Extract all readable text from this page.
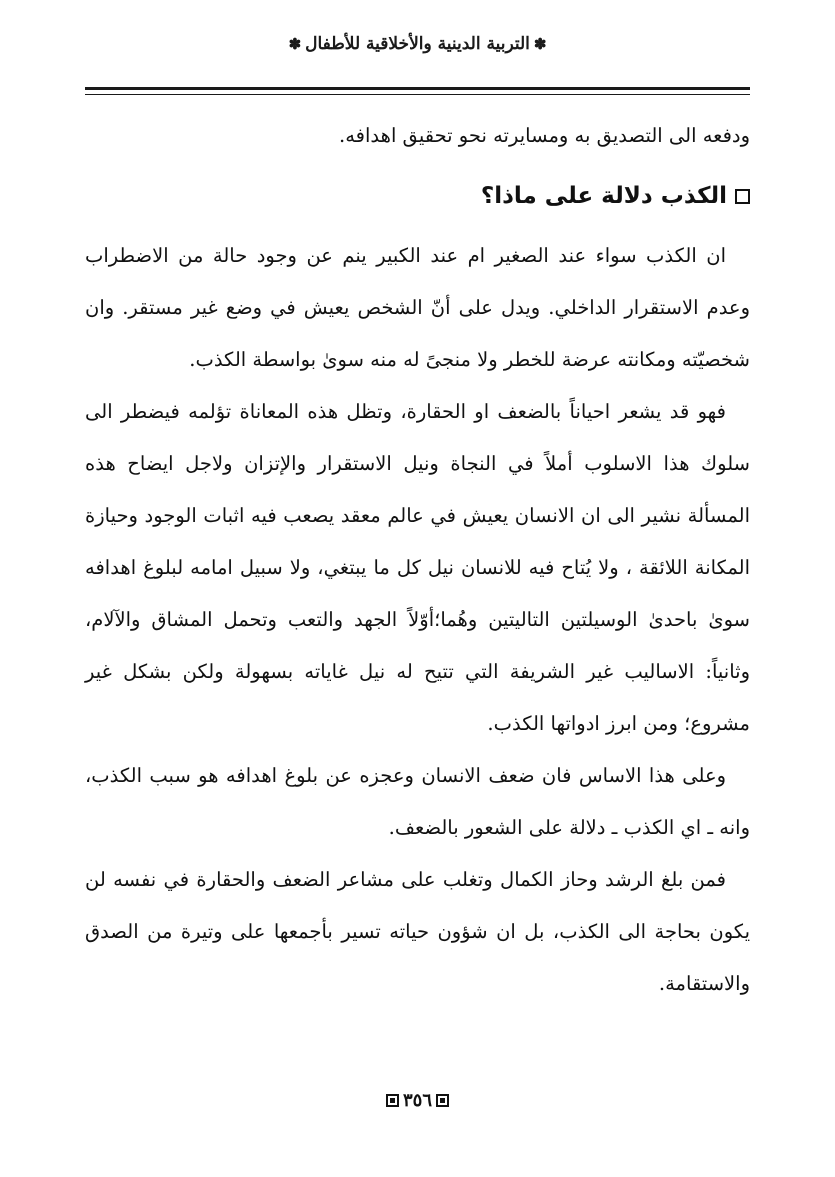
✽التربية الدينية والأخلاقية للأطفال✽

ودفعه الى التصديق به ومسايرته نحو تحقيق اهدافه.

الكذب دلالة على ماذا؟

ان الكذب سواء عند الصغير ام عند الكبير ينم عن وجود حالة من الاضطراب وعدم الاستقرار الداخلي. ويدل على أنّ الشخص يعيش في وضع غير مستقر. وان شخصيّته ومكانته عرضة للخطر ولا منجىً له منه سوىٰ بواسطة الكذب.

فهو قد يشعر احياناً بالضعف او الحقارة، وتظل هذه المعاناة تؤلمه فيضطر الى سلوك هذا الاسلوب أملاً في النجاة ونيل الاستقرار والإتزان ولاجل ايضاح هذه المسألة نشير الى ان الانسان يعيش في عالم معقد يصعب فيه اثبات الوجود وحيازة المكانة اللائقة ، ولا يُتاح فيه للانسان نيل كل ما يبتغي، ولا سبيل امامه لبلوغ اهدافه سوىٰ باحدىٰ الوسيلتين التاليتين وهُما؛أوّلاً الجهد والتعب وتحمل المشاق والآلام، وثانياً: الاساليب غير الشريفة التي تتيح له نيل غاياته بسهولة ولكن بشكل غير مشروع؛ ومن ابرز ادواتها الكذب.

وعلى هذا الاساس فان ضعف الانسان وعجزه عن بلوغ اهدافه هو سبب الكذب، وانه ـ اي الكذب ـ دلالة على الشعور بالضعف.

فمن بلغ الرشد وحاز الكمال وتغلب على مشاعر الضعف والحقارة في نفسه لن يكون بحاجة الى الكذب، بل ان شؤون حياته تسير بأجمعها على وتيرة من الصدق والاستقامة.

٣٥٦
